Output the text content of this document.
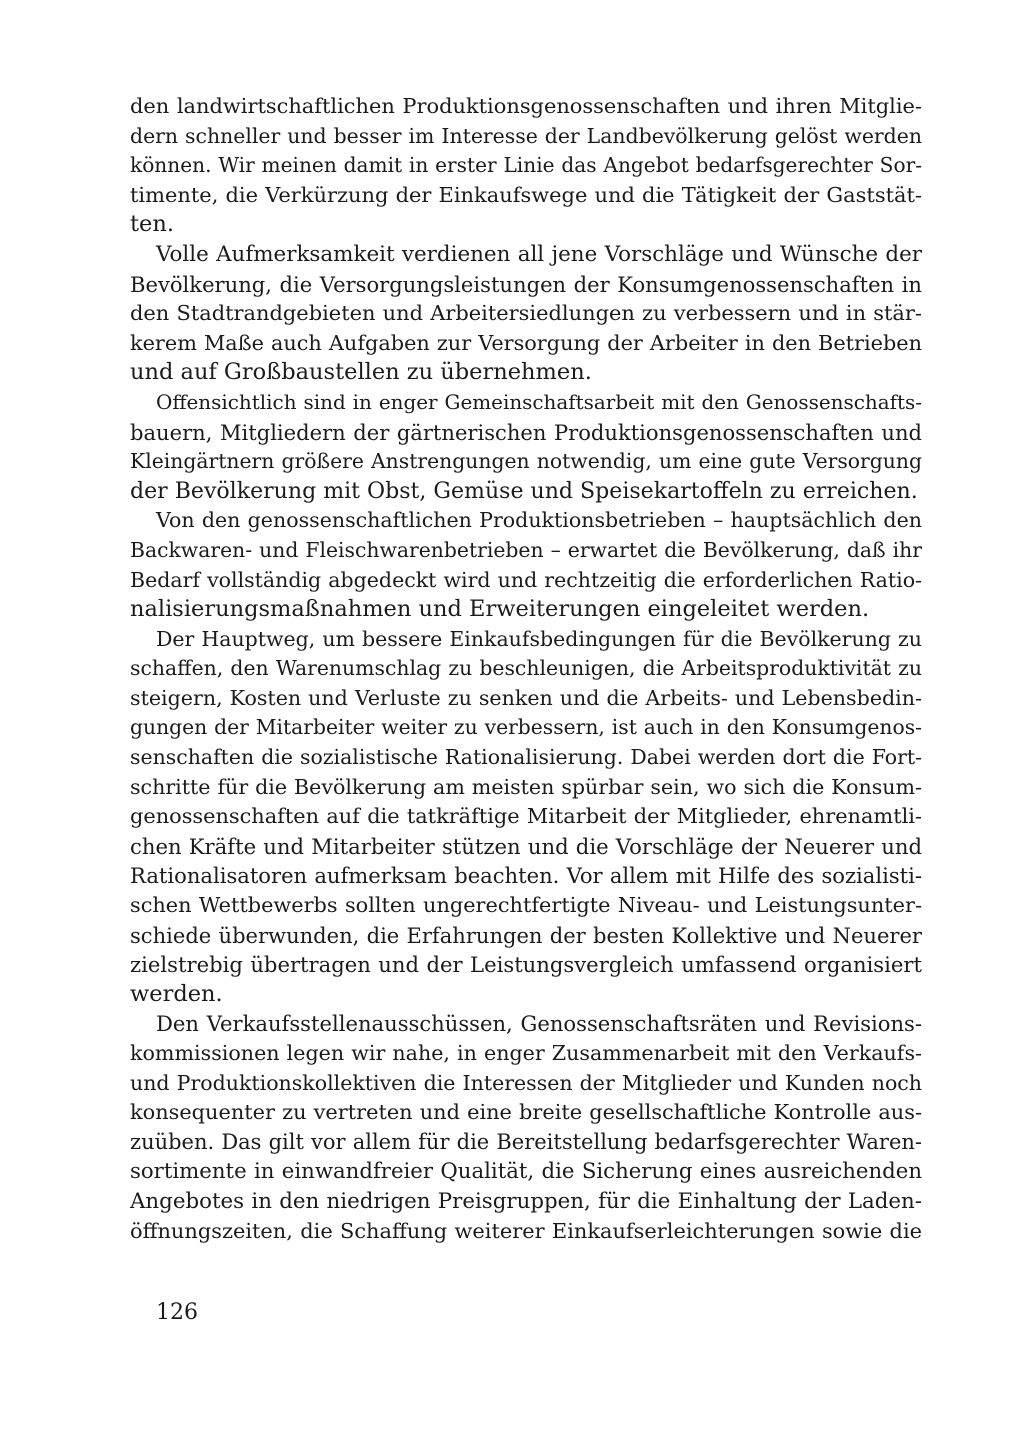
den landwirtschaftlichen Produktionsgenossenschaften und ihren Mitglie-
dern schneller und besser im Interesse der Landbevölkerung gelöst werden
können. Wir meinen damit in erster Linie das Angebot bedarfsgerechter Sor-
timente, die Verkürzung der Einkaufswege und die Tätigkeit der Gaststät-
ten.

Volle Aufmerksamkeit verdienen all jene Vorschläge und Wünsche der
Bevölkerung, die Versorgungsleistungen der Konsumgenossenschaften in
den Stadtrandgebieten und Arbeitersiedlungen zu verbessern und in stär-
kerem Maße auch Aufgaben zur Versorgung der Arbeiter in den Betrieben
und auf Großbaustellen zu übernehmen.

Offensichtlich sind in enger Gemeinschaftsarbeit mit den Genossenschafts-
bauern, Mitgliedern der gärtnerischen Produktionsgenossenschaften und
Kleingärtnern größere Anstrengungen notwendig, um eine gute Versorgung
der Bevölkerung mit Obst, Gemüse und Speisekartoffeln zu erreichen.

Von den genossenschaftlichen Produktionsbetrieben – hauptsächlich den
Backwaren- und Fleischwarenbetrieben – erwartet die Bevölkerung, daß ihr
Bedarf vollständig abgedeckt wird und rechtzeitig die erforderlichen Ratio-
nalisierungsmaßnahmen und Erweiterungen eingeleitet werden.

Der Hauptweg, um bessere Einkaufsbedingungen für die Bevölkerung zu
schaffen, den Warenumschlag zu beschleunigen, die Arbeitsproduktivität zu
steigern, Kosten und Verluste zu senken und die Arbeits- und Lebensbedin-
gungen der Mitarbeiter weiter zu verbessern, ist auch in den Konsumgenos-
senschaften die sozialistische Rationalisierung. Dabei werden dort die Fort-
schritte für die Bevölkerung am meisten spürbar sein, wo sich die Konsum-
genossenschaften auf die tatkräftige Mitarbeit der Mitglieder, ehrenamtli-
chen Kräfte und Mitarbeiter stützen und die Vorschläge der Neuerer und
Rationalisatoren aufmerksam beachten. Vor allem mit Hilfe des sozialisti-
schen Wettbewerbs sollten ungerechtfertigte Niveau- und Leistungsunter-
schiede überwunden, die Erfahrungen der besten Kollektive und Neuerer
zielstrebig übertragen und der Leistungsvergleich umfassend organisiert
werden.

Den Verkaufsstellenausschüssen, Genossenschaftsräten und Revisions-
kommissionen legen wir nahe, in enger Zusammenarbeit mit den Verkaufs-
und Produktionskollektiven die Interessen der Mitglieder und Kunden noch
konsequenter zu vertreten und eine breite gesellschaftliche Kontrolle aus-
zuüben. Das gilt vor allem für die Bereitstellung bedarfsgerechter Waren-
sortimente in einwandfreier Qualität, die Sicherung eines ausreichenden
Angebotes in den niedrigen Preisgruppen, für die Einhaltung der Laden-
öffnungszeiten, die Schaffung weiterer Einkaufserleichterungen sowie die

126
